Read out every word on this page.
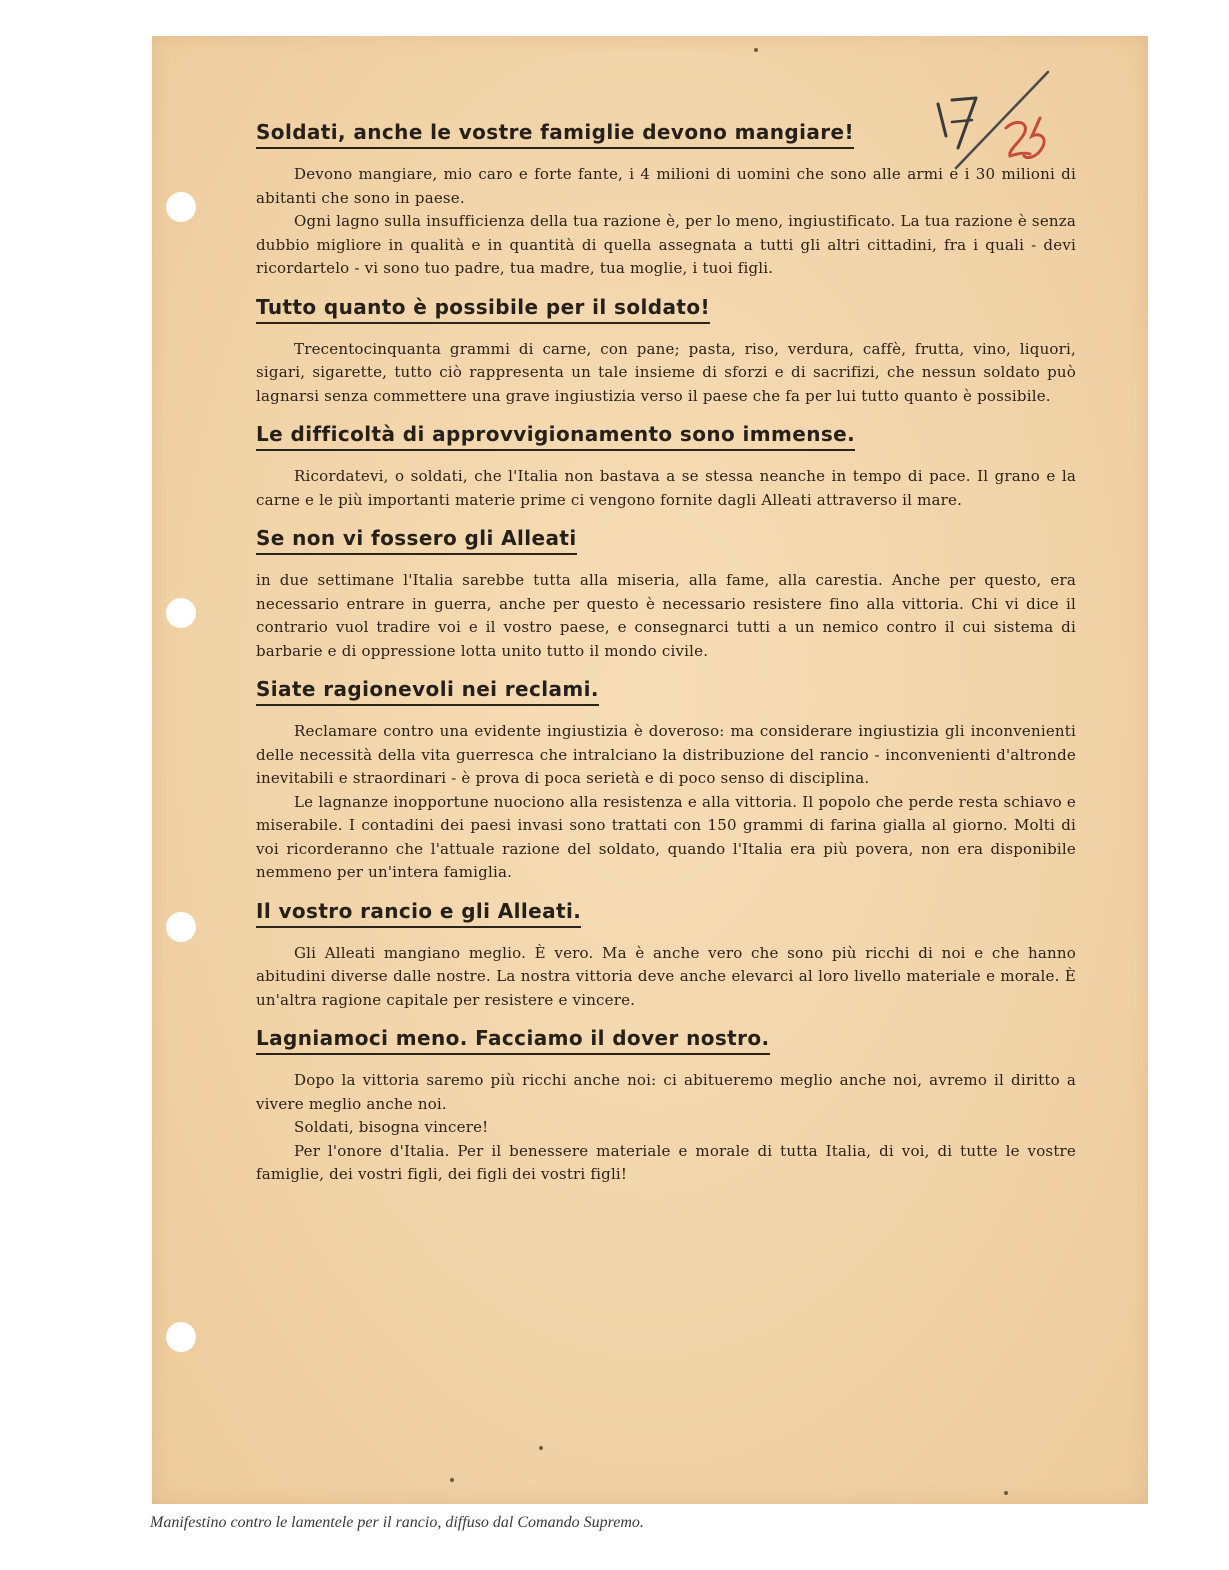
Soldati, anche le vostre famiglie devono mangiare!

Devono mangiare, mio caro e forte fante, i 4 milioni di uomini che sono alle armi e i 30 milioni di abitanti che sono in paese.

Ogni lagno sulla insufficienza della tua razione è, per lo meno, ingiustificato. La tua razione è senza dubbio migliore in qualità e in quantità di quella assegnata a tutti gli altri cittadini, fra i quali - devi ricordartelo - vi sono tuo padre, tua madre, tua moglie, i tuoi figli.

Tutto quanto è possibile per il soldato!

Trecentocinquanta grammi di carne, con pane; pasta, riso, verdura, caffè, frutta, vino, liquori, sigari, sigarette, tutto ciò rappresenta un tale insieme di sforzi e di sacrifizi, che nessun soldato può lagnarsi senza commettere una grave ingiustizia verso il paese che fa per lui tutto quanto è possibile.

Le difficoltà di approvvigionamento sono immense.

Ricordatevi, o soldati, che l'Italia non bastava a se stessa neanche in tempo di pace. Il grano e la carne e le più importanti materie prime ci vengono fornite dagli Alleati attraverso il mare.

Se non vi fossero gli Alleati

in due settimane l'Italia sarebbe tutta alla miseria, alla fame, alla carestia. Anche per questo, era necessario entrare in guerra, anche per questo è necessario resistere fino alla vittoria. Chi vi dice il contrario vuol tradire voi e il vostro paese, e consegnarci tutti a un nemico contro il cui sistema di barbarie e di oppressione lotta unito tutto il mondo civile.

Siate ragionevoli nei reclami.

Reclamare contro una evidente ingiustizia è doveroso: ma considerare ingiustizia gli inconvenienti delle necessità della vita guerresca che intralciano la distribuzione del rancio - inconvenienti d'altronde inevitabili e straordinari - è prova di poca serietà e di poco senso di disciplina.

Le lagnanze inopportune nuociono alla resistenza e alla vittoria. Il popolo che perde resta schiavo e miserabile. I contadini dei paesi invasi sono trattati con 150 grammi di farina gialla al giorno. Molti di voi ricorderanno che l'attuale razione del soldato, quando l'Italia era più povera, non era disponibile nemmeno per un'intera famiglia.

Il vostro rancio e gli Alleati.

Gli Alleati mangiano meglio. È vero. Ma è anche vero che sono più ricchi di noi e che hanno abitudini diverse dalle nostre. La nostra vittoria deve anche elevarci al loro livello materiale e morale. È un'altra ragione capitale per resistere e vincere.

Lagniamoci meno. Facciamo il dover nostro.

Dopo la vittoria saremo più ricchi anche noi: ci abitueremo meglio anche noi, avremo il diritto a vivere meglio anche noi.

Soldati, bisogna vincere!

Per l'onore d'Italia. Per il benessere materiale e morale di tutta Italia, di voi, di tutte le vostre famiglie, dei vostri figli, dei figli dei vostri figli!

Manifestino contro le lamentele per il rancio, diffuso dal Comando Supremo.
